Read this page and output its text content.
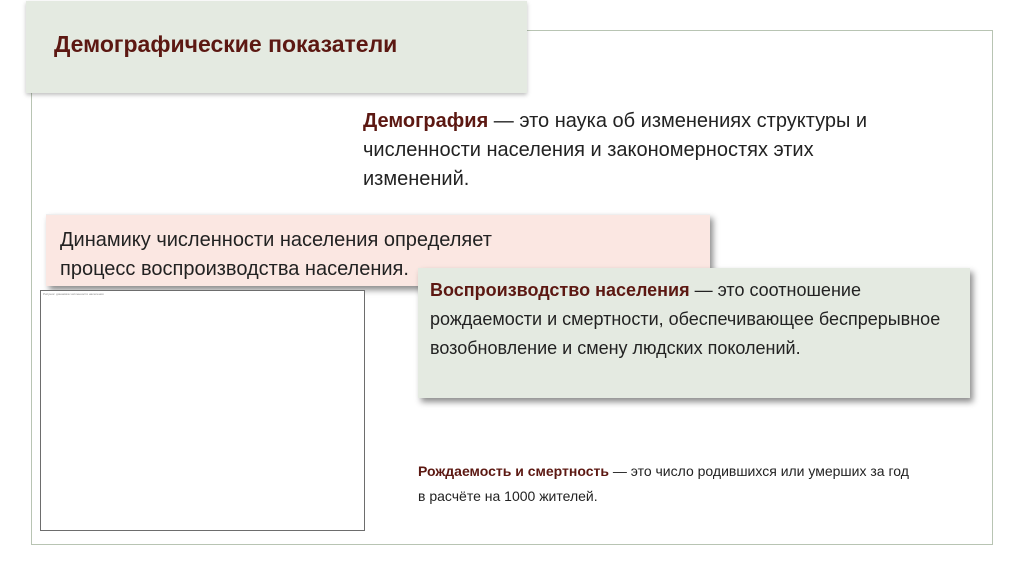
Демографические показатели
Демография — это наука об изменениях структуры и численности населения и закономерностях этих изменений.
Динамику численности населения определяет
процесс воспроизводства населения.
Рисунок: динамика численности населения	Воспроизводство населения — это соотношение рождаемости и смертности, обеспечивающее беспрерывное возобновление и смену людских поколений.
Рождаемость и смертность — это число родившихся или умерших за год в расчёте на 1000 жителей.
